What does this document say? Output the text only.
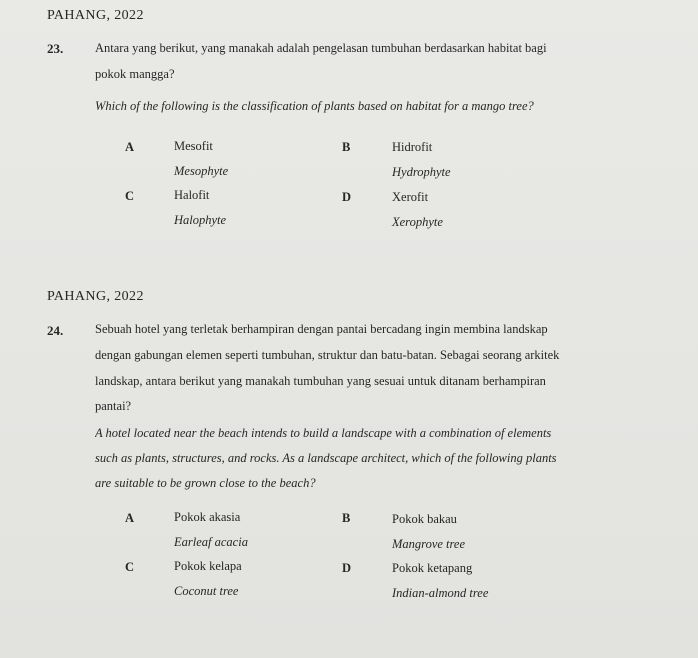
PAHANG, 2022
23.	Antara yang berikut, yang manakah adalah pengelasan tumbuhan berdasarkan habitat bagi
pokok mangga?
Which of the following is the classification of plants based on habitat for a mango tree?
A	Mesofit
Mesophyte
B	Hidrofit
Hydrophyte
C	Halofit
Halophyte
D	Xerofit
Xerophyte
PAHANG, 2022
24.	Sebuah hotel yang terletak berhampiran dengan pantai bercadang ingin membina landskap
dengan gabungan elemen seperti tumbuhan, struktur dan batu-batan. Sebagai seorang arkitek
landskap, antara berikut yang manakah tumbuhan yang sesuai untuk ditanam berhampiran
pantai?
A hotel located near the beach intends to build a landscape with a combination of elements
such as plants, structures, and rocks. As a landscape architect, which of the following plants
are suitable to be grown close to the beach?
A	Pokok akasia
Earleaf acacia
B	Pokok bakau
Mangrove tree
C	Pokok kelapa
Coconut tree
D	Pokok ketapang
Indian-almond tree
